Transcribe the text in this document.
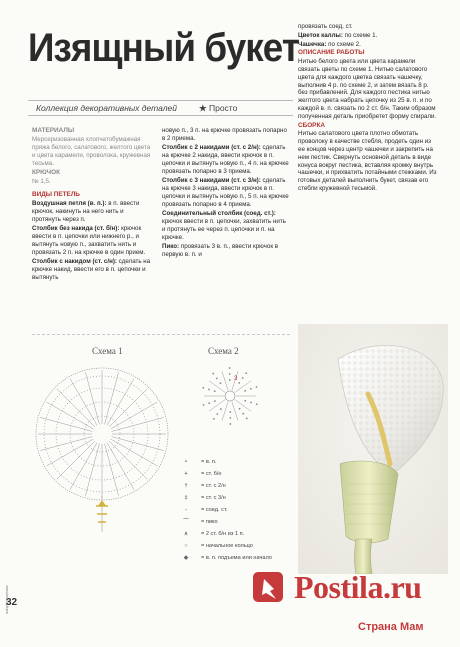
Изящный букет
Коллекция декоративных деталей	★ Просто

МАТЕРИАЛЫ

Мерсеризованная хлопчатобумажная пряжа белого, салатового, желтого цвета и цвета карамели, проволока, кружевная тесьма.

КРЮЧОК

№ 1,5.

ВИДЫ ПЕТЕЛЬ

Воздушная петля (в. п.): в п. ввести крючок, накинуть на него нить и протянуть через п.

Столбик без накида (ст. б/н): крючок ввести в п. цепочки или нижнего р., и вытянуть новую п., захватить нить и провязать 2 п. на крючке в один прием.

Столбик с накидом (ст. с/н): сделать на крючке накид, ввести его в п. цепочки и вытянуть

новую п., 3 п. на крючке провязать попарно в 2 приема.

Столбик с 2 накидами (ст. с 2/н): сделать на крючке 2 накида, ввести крючок в п. цепочки и вытянуть новую п., 4 п. на крючке провязать попарно в 3 приема.

Столбик с 3 накидами (ст. с 3/н): сделать на крючке 3 накида, ввести крючок в п. цепочки и вытянуть новую п., 5 п. на крючке провязать попарно в 4 приема.

Соединительный столбик (соед. ст.): крючок ввести в п. цепочки, захватить нить и протянуть ее через п. цепочки и п. на крючке.

Пико: провязать 3 в. п., ввести крючок в первую в. п. и

провязать соед. ст.

Цветок каллы: по схеме 1.

Чашечка: по схеме 2.

ОПИСАНИЕ РАБОТЫ

Нитью белого цвета или цвета карамели связать цветы по схеме 1. Нитью салатового цвета для каждого цветка связать чашечку, выполнив 4 р. по схеме 2, и затем вязать 8 р. без прибавлений. Для каждого пестика нитью желтого цвета набрать цепочку из 25 в. п. и по каждой в. п. связать по 2 ст. б/н. Таким образом полученная деталь приобретет форму спирали.

СБОРКА

Нитью салатового цвета плотно обмотать проволоку в качестве стебля, продеть один из ее концов через центр чашечки и закрепить на нем пестик. Свернуть основной деталь в виде конуса вокруг пестика, вставляя кромку внутрь чашечки, и прихватить потайными стежками. Из готовых деталей выполнить букет, связав его стебли кружевной тесьмой.

Схема 1	Схема 2
3
•	= в. п.
+	= ст. б/н
†	= ст. с 2/н
‡	= ст. с 3/н
-	= соед. ст.
⌒	= пико
∧	= 2 ст. б/н из 1 п.
○	= начальное кольцо
◆	= в. п. подъема или начало
Postila.ru
Страна Мам
32
odnyfoveseesac
